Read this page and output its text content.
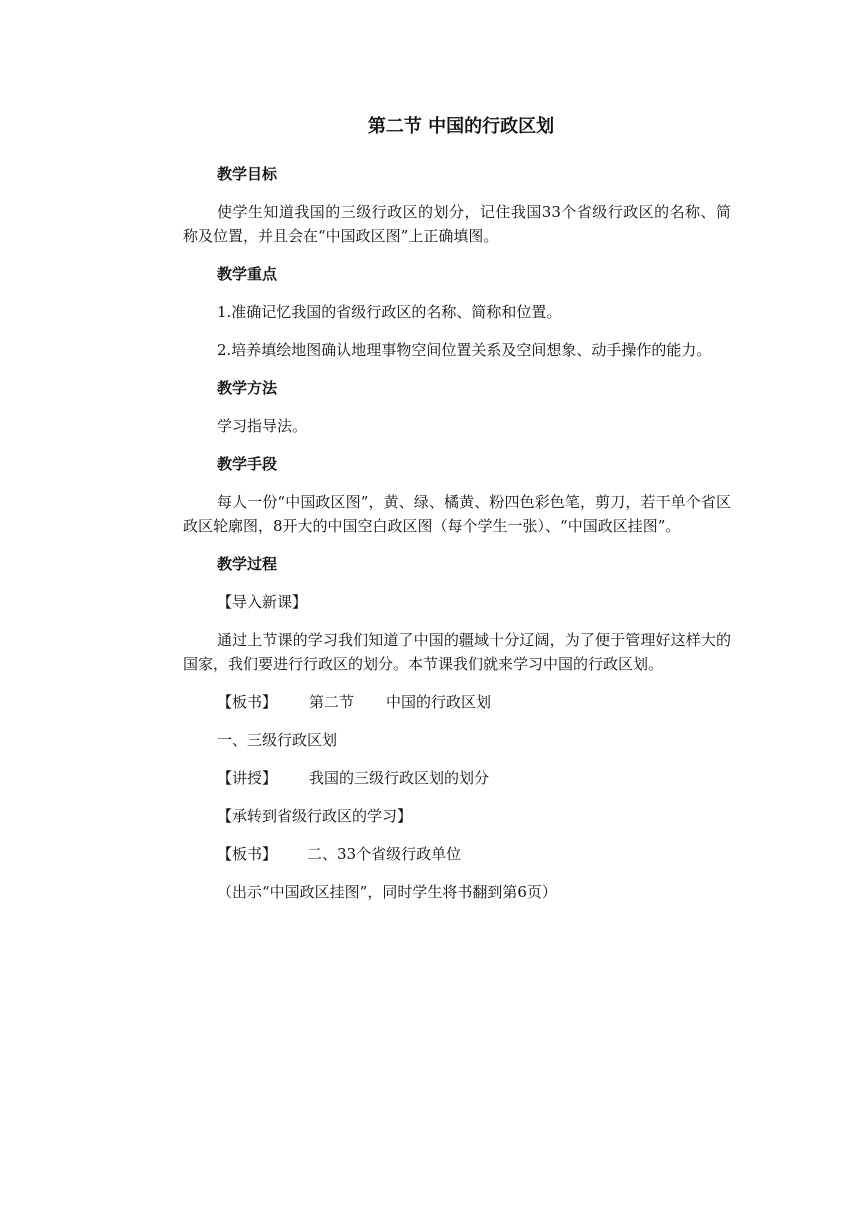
第二节 中国的行政区划
教学目标
使学生知道我国的三级行政区的划分，记住我国33个省级行政区的名称、简称及位置，并且会在“中国政区图”上正确填图。
教学重点
1.准确记忆我国的省级行政区的名称、简称和位置。
2.培养填绘地图确认地理事物空间位置关系及空间想象、动手操作的能力。
教学方法
学习指导法。
教学手段
每人一份“中国政区图”，黄、绿、橘黄、粉四色彩色笔，剪刀，若干单个省区政区轮廓图，8开大的中国空白政区图（每个学生一张）、“中国政区挂图”。
教学过程
【导入新课】
通过上节课的学习我们知道了中国的疆域十分辽阔，为了便于管理好这样大的国家，我们要进行行政区的划分。本节课我们就来学习中国的行政区划。
【板书】 第二节 中国的行政区划
一、三级行政区划
【讲授】 我国的三级行政区划的划分
【承转到省级行政区的学习】
【板书】 二、33个省级行政单位
（出示“中国政区挂图”，同时学生将书翻到第6页）
